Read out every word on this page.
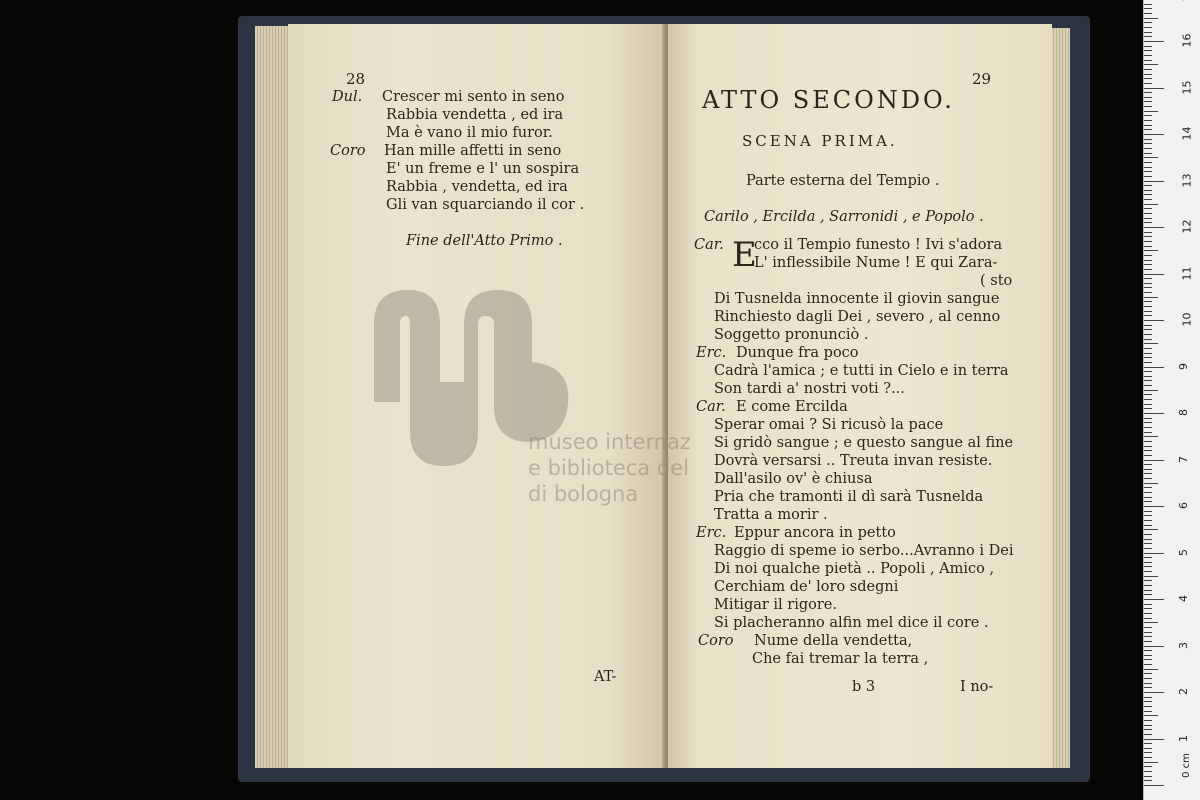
28
Dul. Crescer mi sento in seno
Rabbia vendetta , ed ira
Ma è vano il mio furor.
Coro Han mille affetti in seno
E' un freme e l' un sospira
Rabbia , vendetta, ed ira
Gli van squarciando il cor .
Fine dell'Atto Primo .
AT-
29
ATTO SECONDO.
SCENA PRIMA.
Parte esterna del Tempio .
Carilo , Ercilda , Sarronidi , e Popolo .
Car. E
cco il Tempio funesto ! Ivi s'adora
L' inflessibile Nume ! E qui Zara-
( sto
Di Tusnelda innocente il giovin sangue
Rinchiesto dagli Dei , severo , al cenno
Soggetto pronunciò .
Erc. Dunque fra poco
Cadrà l'amica ; e tutti in Cielo e in terra
Son tardi a' nostri voti ?...
Car. E come Ercilda
Sperar omai ? Si ricusò la pace
Si gridò sangue ; e questo sangue al fine
Dovrà versarsi .. Treuta invan resiste.
Dall'asilo ov' è chiusa
Pria che tramonti il dì sarà Tusnelda
Tratta a morir .
Erc. Eppur ancora in petto
Raggio di speme io serbo...Avranno i Dei
Di noi qualche pietà .. Popoli , Amico ,
Cerchiam de' loro sdegni
Mitigar il rigore.
Si placheranno alfin mel dice il core .
Coro Nume della vendetta,
Che fai tremar la terra ,
b 3	I no-
museo internaz
e biblioteca del
di bologna
0 cm
1
2
3
4
5
6
7
8
9
10
11
12
13
14
15
16
